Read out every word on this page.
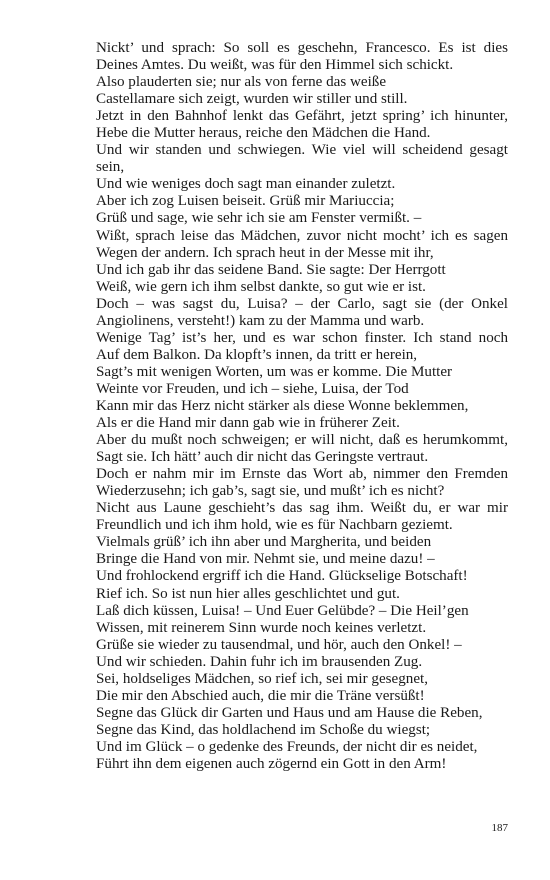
Nickt’ und sprach: So soll es geschehn, Francesco. Es ist dies
Deines Amtes. Du weißt, was für den Himmel sich schickt.
Also plauderten sie; nur als von ferne das weiße
Castellamare sich zeigt, wurden wir stiller und still.
Jetzt in den Bahnhof lenkt das Gefährt, jetzt spring’ ich hinunter,
Hebe die Mutter heraus, reiche den Mädchen die Hand.
Und wir standen und schwiegen. Wie viel will scheidend gesagt
sein,
Und wie weniges doch sagt man einander zuletzt.
Aber ich zog Luisen beiseit. Grüß mir Mariuccia;
Grüß und sage, wie sehr ich sie am Fenster vermißt. –
Wißt, sprach leise das Mädchen, zuvor nicht mocht’ ich es sagen
Wegen der andern. Ich sprach heut in der Messe mit ihr,
Und ich gab ihr das seidene Band. Sie sagte: Der Herrgott
Weiß, wie gern ich ihm selbst dankte, so gut wie er ist.
Doch – was sagst du, Luisa? – der Carlo, sagt sie (der Onkel
Angiolinens, versteht!) kam zu der Mamma und warb.
Wenige Tag’ ist’s her, und es war schon finster. Ich stand noch
Auf dem Balkon. Da klopft’s innen, da tritt er herein,
Sagt’s mit wenigen Worten, um was er komme. Die Mutter
Weinte vor Freuden, und ich – siehe, Luisa, der Tod
Kann mir das Herz nicht stärker als diese Wonne beklemmen,
Als er die Hand mir dann gab wie in früherer Zeit.
Aber du mußt noch schweigen; er will nicht, daß es herumkommt,
Sagt sie. Ich hätt’ auch dir nicht das Geringste vertraut.
Doch er nahm mir im Ernste das Wort ab, nimmer den Fremden
Wiederzusehn; ich gab’s, sagt sie, und mußt’ ich es nicht?
Nicht aus Laune geschieht’s das sag ihm. Weißt du, er war mir
Freundlich und ich ihm hold, wie es für Nachbarn geziemt.
Vielmals grüß’ ich ihn aber und Margherita, und beiden
Bringe die Hand von mir. Nehmt sie, und meine dazu! –
Und frohlockend ergriff ich die Hand. Glückselige Botschaft!
Rief ich. So ist nun hier alles geschlichtet und gut.
Laß dich küssen, Luisa! – Und Euer Gelübde? – Die Heil’gen
Wissen, mit reinerem Sinn wurde noch keines verletzt.
Grüße sie wieder zu tausendmal, und hör, auch den Onkel! –
Und wir schieden. Dahin fuhr ich im brausenden Zug.
Sei, holdseliges Mädchen, so rief ich, sei mir gesegnet,
Die mir den Abschied auch, die mir die Träne versüßt!
Segne das Glück dir Garten und Haus und am Hause die Reben,
Segne das Kind, das holdlachend im Schoße du wiegst;
Und im Glück – o gedenke des Freunds, der nicht dir es neidet,
Führt ihn dem eigenen auch zögernd ein Gott in den Arm!
187
